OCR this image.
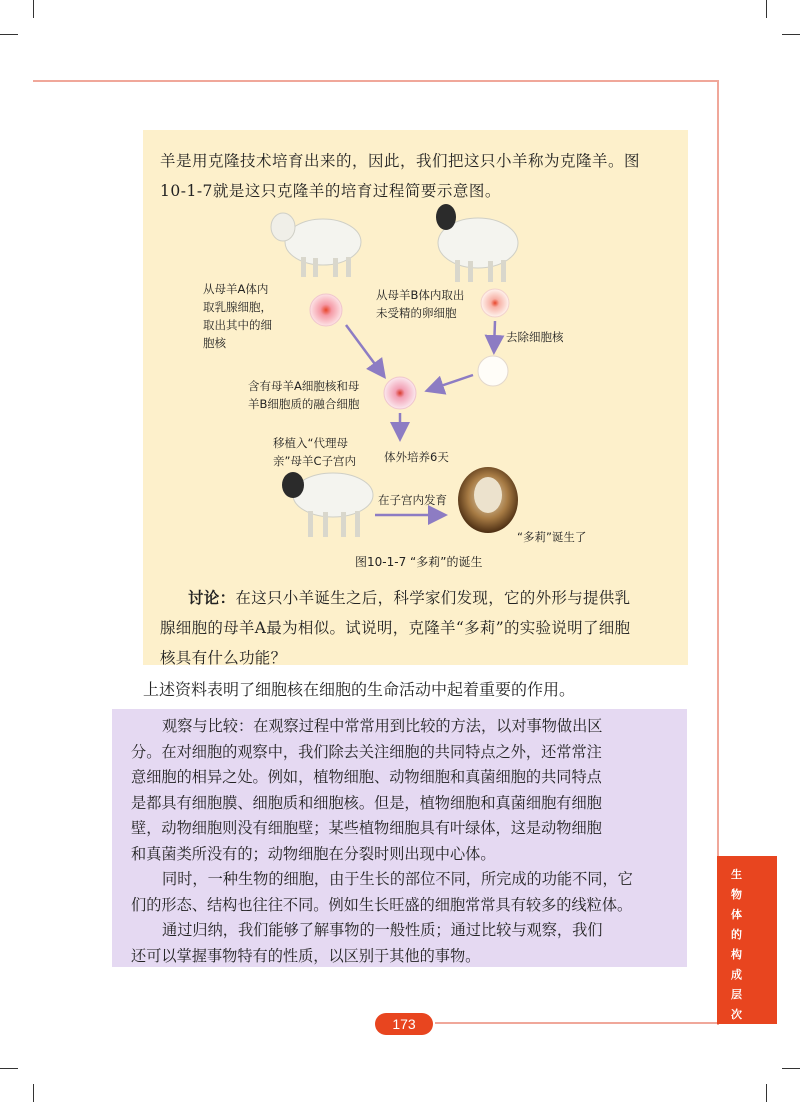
羊是用克隆技术培育出来的，因此，我们把这只小羊称为克隆羊。图
10-1-7就是这只克隆羊的培育过程简要示意图。
从母羊A体内
取乳腺细胞，
取出其中的细
胞核
从母羊B体内取出
未受精的卵细胞
去除细胞核
含有母羊A细胞核和母
羊B细胞质的融合细胞
移植入“代理母
亲”母羊C子宫内 体外培养6天
在子宫内发育
“多莉”诞生了
图10-1-7 “多莉”的诞生
讨论：在这只小羊诞生之后，科学家们发现，它的外形与提供乳
腺细胞的母羊A最为相似。试说明，克隆羊“多莉”的实验说明了细胞
核具有什么功能？
上述资料表明了细胞核在细胞的生命活动中起着重要的作用。
观察与比较：在观察过程中常常用到比较的方法，以对事物做出区
分。在对细胞的观察中，我们除去关注细胞的共同特点之外，还常常注
意细胞的相异之处。例如，植物细胞、动物细胞和真菌细胞的共同特点
是都具有细胞膜、细胞质和细胞核。但是，植物细胞和真菌细胞有细胞
壁，动物细胞则没有细胞壁；某些植物细胞具有叶绿体，这是动物细胞
和真菌类所没有的；动物细胞在分裂时则出现中心体。
同时，一种生物的细胞，由于生长的部位不同，所完成的功能不同，它
们的形态、结构也往往不同。例如生长旺盛的细胞常常具有较多的线粒体。
通过归纳，我们能够了解事物的一般性质；通过比较与观察，我们
还可以掌握事物特有的性质，以区别于其他的事物。
生
物
体
的
构
成
层
次
173
